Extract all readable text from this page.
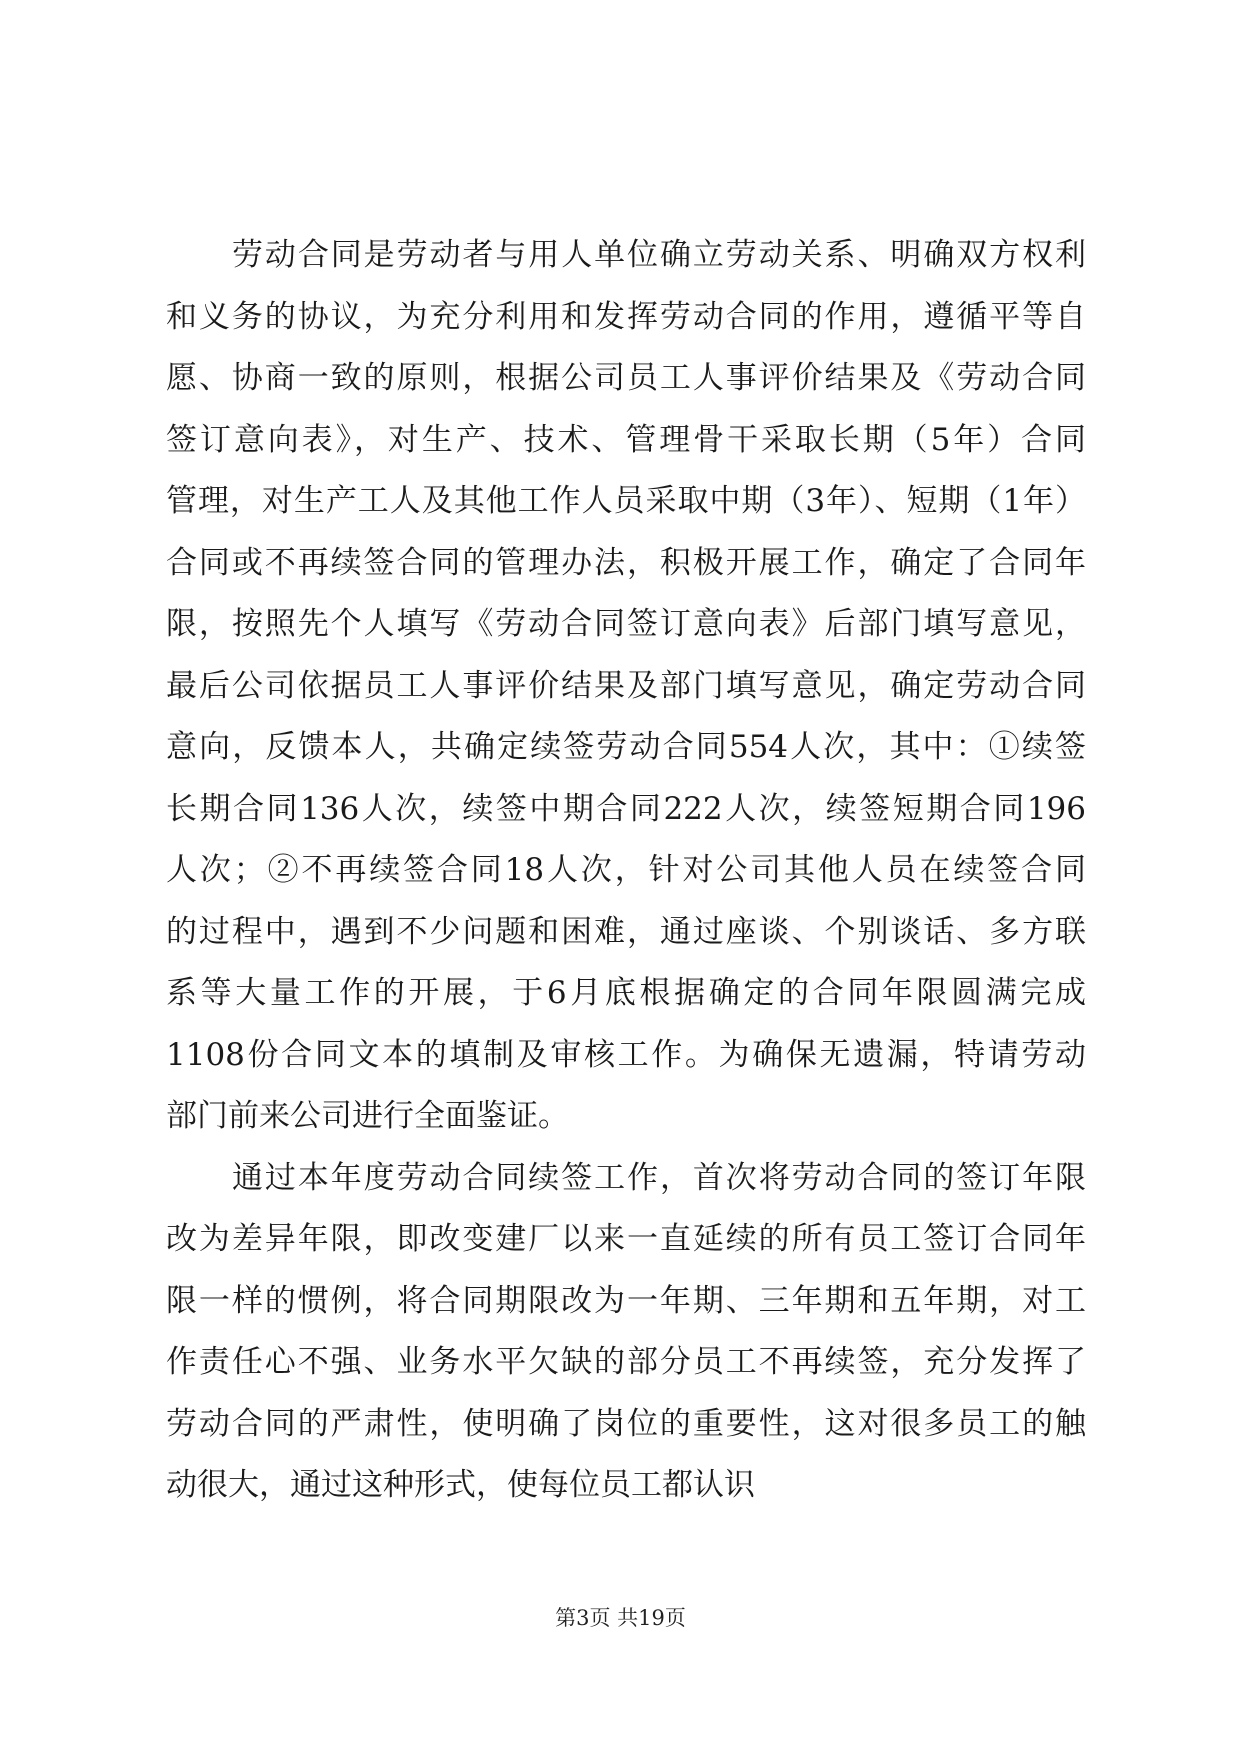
劳动合同是劳动者与用人单位确立劳动关系、明确双方权利
和义务的协议，为充分利用和发挥劳动合同的作用，遵循平等自
愿、协商一致的原则，根据公司员工人事评价结果及《劳动合同
签订意向表》，对生产、技术、管理骨干采取长期（5年）合同
管理，对生产工人及其他工作人员采取中期（3年）、短期（1年）
合同或不再续签合同的管理办法，积极开展工作，确定了合同年
限，按照先个人填写《劳动合同签订意向表》后部门填写意见，
最后公司依据员工人事评价结果及部门填写意见，确定劳动合同
意向，反馈本人，共确定续签劳动合同554人次，其中：①续签
长期合同136人次，续签中期合同222人次，续签短期合同196
人次；②不再续签合同18人次，针对公司其他人员在续签合同
的过程中，遇到不少问题和困难，通过座谈、个别谈话、多方联
系等大量工作的开展，于6月底根据确定的合同年限圆满完成
1108份合同文本的填制及审核工作。为确保无遗漏，特请劳动
部门前来公司进行全面鉴证。
通过本年度劳动合同续签工作，首次将劳动合同的签订年限
改为差异年限，即改变建厂以来一直延续的所有员工签订合同年
限一样的惯例，将合同期限改为一年期、三年期和五年期，对工
作责任心不强、业务水平欠缺的部分员工不再续签，充分发挥了
劳动合同的严肃性，使明确了岗位的重要性，这对很多员工的触
动很大，通过这种形式，使每位员工都认识
第3页 共19页
